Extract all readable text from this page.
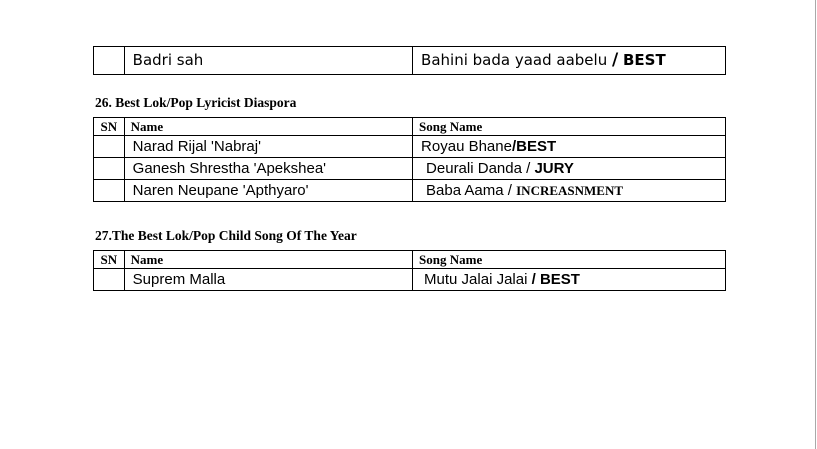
	Badri sah	Bahini bada yaad aabelu / BEST
26. Best Lok/Pop Lyricist Diaspora
SN	Name	Song Name
	Narad Rijal 'Nabraj'	Royau Bhane/BEST
	Ganesh Shrestha 'Apekshea'	Deurali Danda / JURY
	Naren Neupane 'Apthyaro'	Baba Aama / INCREASNMENT
27.The Best Lok/Pop Child Song Of The Year
SN	Name	Song Name
	Suprem Malla	Mutu Jalai Jalai / BEST
